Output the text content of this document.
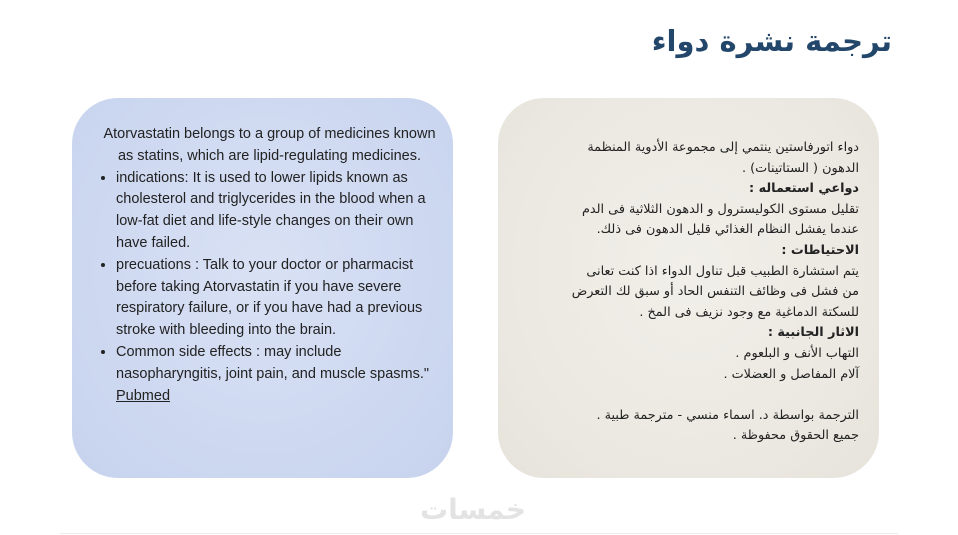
ترجمة نشرة دواء

Atorvastatin belongs to a group of medicines known as statins, which are lipid-regulating medicines.

• indications: It is used to lower lipids known as cholesterol and triglycerides in the blood when a low-fat diet and life-style changes on their own have failed.
• precuations : Talk to your doctor or pharmacist before taking Atorvastatin if you have severe respiratory failure, or if you have had a previous stroke with bleeding into the brain.
• Common side effects : may include nasopharyngitis, joint pain, and muscle spasms." Pubmed

دواء اتورفاستين ينتمي إلى مجموعة الأدوية المنظمة

الدهون ( الستاتينات) .

دواعي استعماله :

تقليل مستوى الكوليسترول و الدهون الثلاثية فى الدم

عندما يفشل النظام الغذائي قليل الدهون فى ذلك.

الاحتياطات :

يتم استشارة الطبيب قبل تناول الدواء اذا كنت تعانى

من فشل فى وظائف التنفس الحاد أو سبق لك التعرض

للسكتة الدماغية مع وجود نزيف فى المخ .

الاثار الجانبية :

التهاب الأنف و البلعوم .

آلام المفاصل و العضلات .

الترجمة بواسطة د. اسماء منسي - مترجمة طبية .

جميع الحقوق محفوظة .

خمسات
